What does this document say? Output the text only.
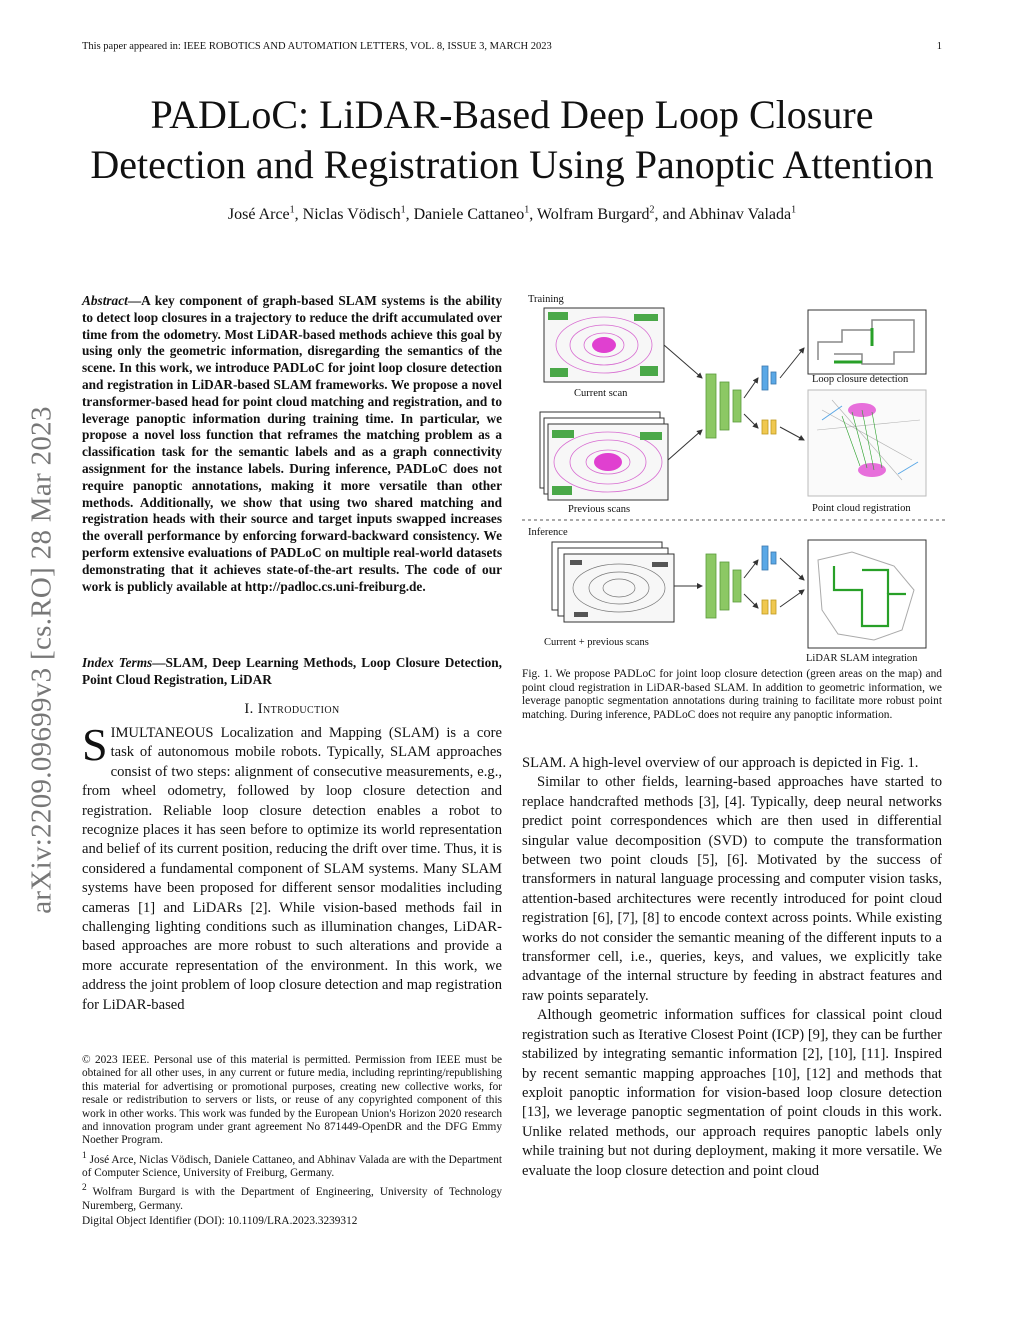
This paper appeared in: IEEE ROBOTICS AND AUTOMATION LETTERS, VOL. 8, ISSUE 3, MARCH 2023	1
arXiv:2209.09699v3 [cs.RO] 28 Mar 2023
PADLoC: LiDAR-Based Deep Loop Closure
Detection and Registration Using Panoptic Attention
José Arce$^1$, Niclas Vödisch$^1$, Daniele Cattaneo$^1$, Wolfram Burgard$^2$, and Abhinav Valada$^1$
Abstract—A key component of graph-based SLAM systems is the ability to detect loop closures in a trajectory to reduce the drift accumulated over time from the odometry. Most LiDAR-based methods achieve this goal by using only the geometric information, disregarding the semantics of the scene. In this work, we introduce PADLoC for joint loop closure detection and registration in LiDAR-based SLAM frameworks. We propose a novel transformer-based head for point cloud matching and registration, and to leverage panoptic information during training time. In particular, we propose a novel loss function that reframes the matching problem as a classification task for the semantic labels and as a graph connectivity assignment for the instance labels. During inference, PADLoC does not require panoptic annotations, making it more versatile than other methods. Additionally, we show that using two shared matching and registration heads with their source and target inputs swapped increases the overall performance by enforcing forward-backward consistency. We perform extensive evaluations of PADLoC on multiple real-world datasets demonstrating that it achieves state-of-the-art results. The code of our work is publicly available at http://padloc.cs.uni-freiburg.de.
Index Terms—SLAM, Deep Learning Methods, Loop Closure Detection, Point Cloud Registration, LiDAR
I. Introduction
SIMULTANEOUS Localization and Mapping (SLAM) is a core task of autonomous mobile robots. Typically, SLAM approaches consist of two steps: alignment of consecutive measurements, e.g., from wheel odometry, followed by loop closure detection and registration. Reliable loop closure detection enables a robot to recognize places it has seen before to optimize its world representation and belief of its current position, reducing the drift over time. Thus, it is considered a fundamental component of SLAM systems. Many SLAM systems have been proposed for different sensor modalities including cameras [1] and LiDARs [2]. While vision-based methods fail in challenging lighting conditions such as illumination changes, LiDAR-based approaches are more robust to such alterations and provide a more accurate representation of the environment. In this work, we address the joint problem of loop closure detection and map registration for LiDAR-based

© 2023 IEEE. Personal use of this material is permitted. Permission from IEEE must be obtained for all other uses, in any current or future media, including reprinting/republishing this material for advertising or promotional purposes, creating new collective works, for resale or redistribution to servers or lists, or reuse of any copyrighted component of this work in other works. This work was funded by the European Union's Horizon 2020 research and innovation program under grant agreement No 871449-OpenDR and the DFG Emmy Noether Program.

$^1$ José Arce, Niclas Vödisch, Daniele Cattaneo, and Abhinav Valada are with the Department of Computer Science, University of Freiburg, Germany.

$^2$ Wolfram Burgard is with the Department of Engineering, University of Technology Nuremberg, Germany.

Digital Object Identifier (DOI): 10.1109/LRA.2023.3239312

Training
Current scan
Previous scans
Loop closure detection
Point cloud registration
Inference
Current + previous scans
LiDAR SLAM integration
Fig. 1. We propose PADLoC for joint loop closure detection (green areas on the map) and point cloud registration in LiDAR-based SLAM. In addition to geometric information, we leverage panoptic segmentation annotations during training to facilitate more robust point matching. During inference, PADLoC does not require any panoptic information.

SLAM. A high-level overview of our approach is depicted in Fig. 1.

Similar to other fields, learning-based approaches have started to replace handcrafted methods [3], [4]. Typically, deep neural networks predict point correspondences which are then used in differential singular value decomposition (SVD) to compute the transformation between two point clouds [5], [6]. Motivated by the success of transformers in natural language processing and computer vision tasks, attention-based architectures were recently introduced for point cloud registration [6], [7], [8] to encode context across points. While existing works do not consider the semantic meaning of the different inputs to a transformer cell, i.e., queries, keys, and values, we explicitly take advantage of the internal structure by feeding in abstract features and raw points separately.

Although geometric information suffices for classical point cloud registration such as Iterative Closest Point (ICP) [9], they can be further stabilized by integrating semantic information [2], [10], [11]. Inspired by recent semantic mapping approaches [10], [12] and methods that exploit panoptic information for vision-based loop closure detection [13], we leverage panoptic segmentation of point clouds in this work. Unlike related methods, our approach requires panoptic labels only while training but not during deployment, making it more versatile. We evaluate the loop closure detection and point cloud
